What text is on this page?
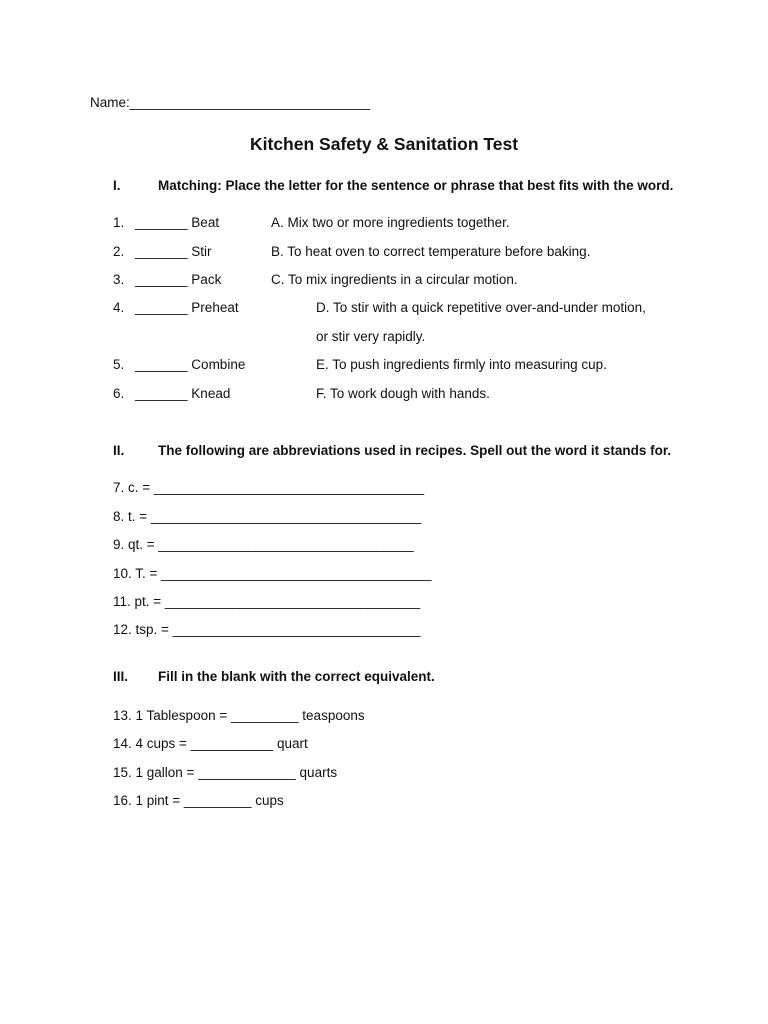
Name:________________________________
Kitchen Safety & Sanitation Test
I.	Matching: Place the letter for the sentence or phrase that best fits with the word.
1. _______ Beat	A. Mix two or more ingredients together.
2. _______ Stir	B. To heat oven to correct temperature before baking.
3. _______ Pack	C. To mix ingredients in a circular motion.
4. _______ Preheat	D. To stir with a quick repetitive over-and-under motion,
or stir very rapidly.
5. _______ Combine	E. To push ingredients firmly into measuring cup.
6. _______ Knead	F. To work dough with hands.
II. The following are abbreviations used in recipes. Spell out the word it stands for.
7. c. = ____________________________________
8. t. = ____________________________________
9. qt. = __________________________________
10. T. = ____________________________________
11. pt. = __________________________________
12. tsp. = _________________________________
III. Fill in the blank with the correct equivalent.
13. 1 Tablespoon = _________ teaspoons
14. 4 cups = ___________ quart
15. 1 gallon = _____________ quarts
16. 1 pint = _________ cups
